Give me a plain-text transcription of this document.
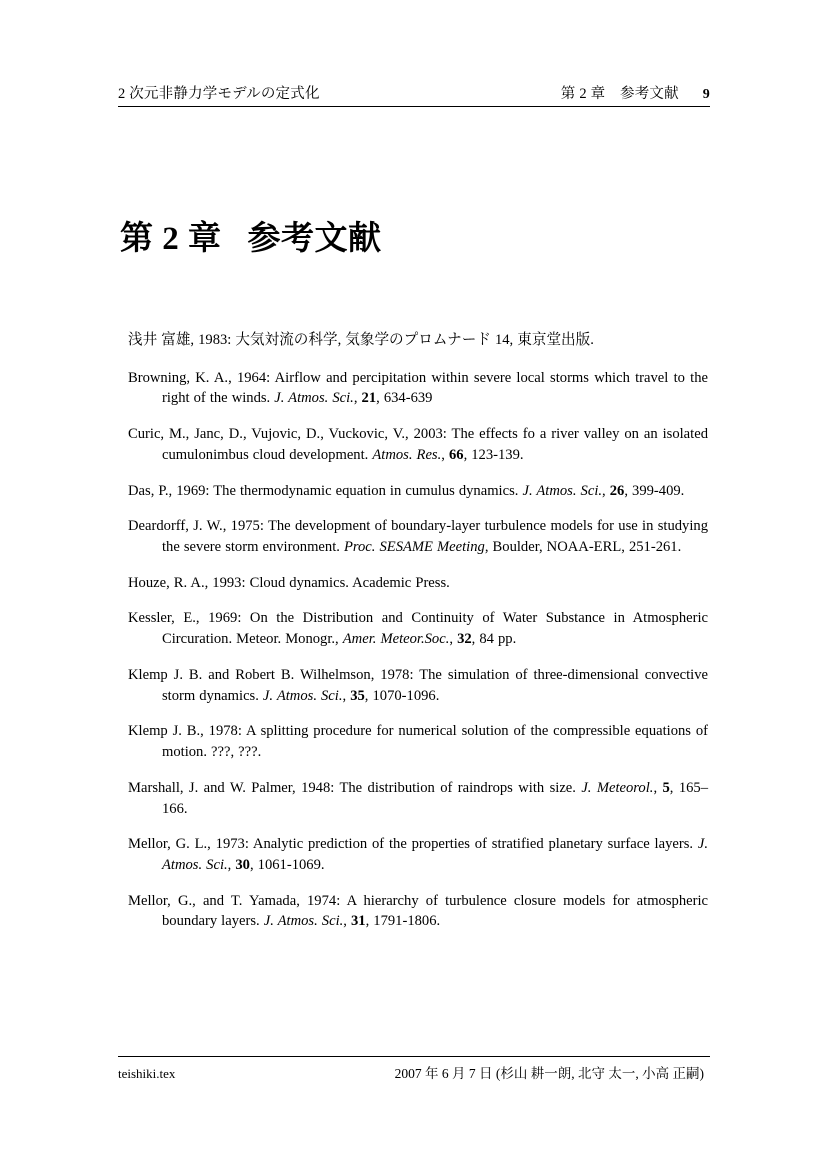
2 次元非静力学モデルの定式化	第 2 章　参考文献 9
第 2 章 参考文献
浅井 富雄, 1983: 大気対流の科学, 気象学のプロムナード 14, 東京堂出版.
Browning, K. A., 1964: Airflow and percipitation within severe local storms which travel to the right of the winds. J. Atmos. Sci., 21, 634-639
Curic, M., Janc, D., Vujovic, D., Vuckovic, V., 2003: The effects fo a river valley on an isolated cumulonimbus cloud development. Atmos. Res., 66, 123-139.
Das, P., 1969: The thermodynamic equation in cumulus dynamics. J. Atmos. Sci., 26, 399-409.
Deardorff, J. W., 1975: The development of boundary-layer turbulence models for use in studying the severe storm environment. Proc. SESAME Meeting, Boulder, NOAA-ERL, 251-261.
Houze, R. A., 1993: Cloud dynamics. Academic Press.
Kessler, E., 1969: On the Distribution and Continuity of Water Substance in Atmospheric Circuration. Meteor. Monogr., Amer. Meteor.Soc., 32, 84 pp.
Klemp J. B. and Robert B. Wilhelmson, 1978: The simulation of three-dimensional convective storm dynamics. J. Atmos. Sci., 35, 1070-1096.
Klemp J. B., 1978: A splitting procedure for numerical solution of the compressible equations of motion. ???, ???.
Marshall, J. and W. Palmer, 1948: The distribution of raindrops with size. J. Meteorol., 5, 165–166.
Mellor, G. L., 1973: Analytic prediction of the properties of stratified planetary surface layers. J. Atmos. Sci., 30, 1061-1069.
Mellor, G., and T. Yamada, 1974: A hierarchy of turbulence closure models for atmospheric boundary layers. J. Atmos. Sci., 31, 1791-1806.
teishiki.tex	2007 年 6 月 7 日 (杉山 耕一朗, 北守 太一, 小高 正嗣)
